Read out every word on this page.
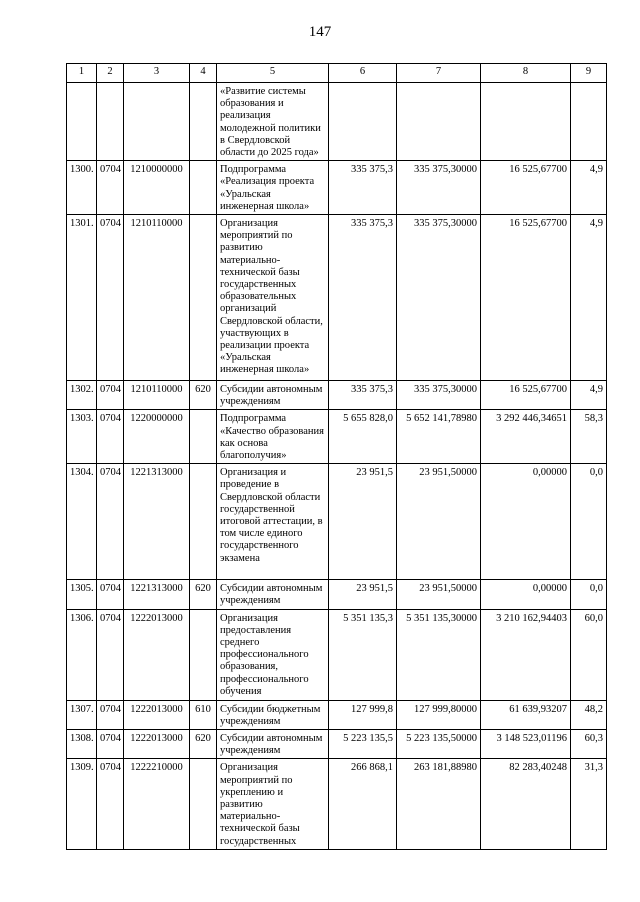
147
1	2	3	4	5	6	7	8	9
				«Развитие системы образования и реализация молодежной политики в Свердловской области до 2025 года»				
1300.	0704	1210000000		Подпрограмма «Реализация проекта «Уральская инженерная школа»	335 375,3	335 375,30000	16 525,67700	4,9
1301.	0704	1210110000		Организация мероприятий по развитию материально-технической базы государственных образовательных организаций Свердловской области, участвующих в реализации проекта «Уральская инженерная школа»	335 375,3	335 375,30000	16 525,67700	4,9
1302.	0704	1210110000	620	Субсидии автономным учреждениям	335 375,3	335 375,30000	16 525,67700	4,9
1303.	0704	1220000000		Подпрограмма «Качество образования как основа благополучия»	5 655 828,0	5 652 141,78980	3 292 446,34651	58,3
1304.	0704	1221313000		Организация и проведение в Свердловской области государственной итоговой аттестации, в том числе единого государственного экзамена	23 951,5	23 951,50000	0,00000	0,0
1305.	0704	1221313000	620	Субсидии автономным учреждениям	23 951,5	23 951,50000	0,00000	0,0
1306.	0704	1222013000		Организация предоставления среднего профессионального образования, профессионального обучения	5 351 135,3	5 351 135,30000	3 210 162,94403	60,0
1307.	0704	1222013000	610	Субсидии бюджетным учреждениям	127 999,8	127 999,80000	61 639,93207	48,2
1308.	0704	1222013000	620	Субсидии автономным учреждениям	5 223 135,5	5 223 135,50000	3 148 523,01196	60,3
1309.	0704	1222210000		Организация мероприятий по укреплению и развитию материально-технической базы государственных	266 868,1	263 181,88980	82 283,40248	31,3
